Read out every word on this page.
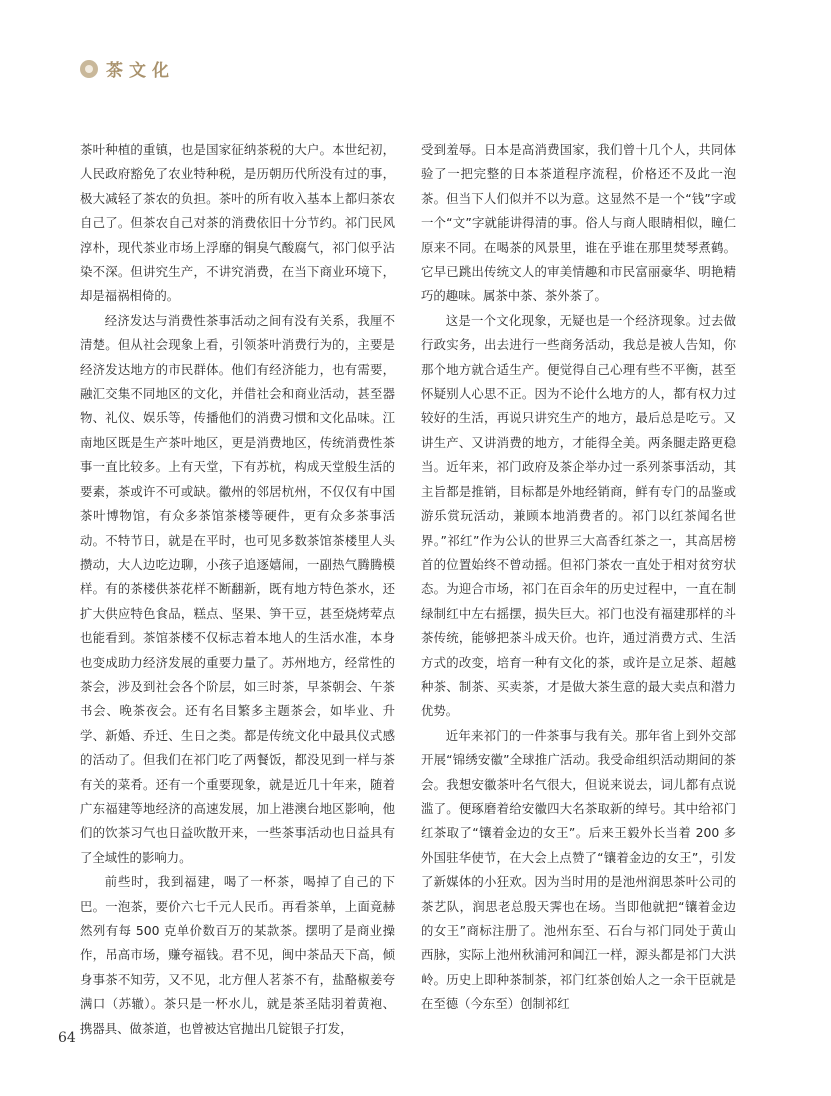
茶文化

茶叶种植的重镇，也是国家征纳茶税的大户。本世纪初，人民政府豁免了农业特种税，是历朝历代所没有过的事，极大减轻了茶农的负担。茶叶的所有收入基本上都归茶农自己了。但茶农自己对茶的消费依旧十分节约。祁门民风淳朴，现代茶业市场上浮靡的铜臭气酸腐气，祁门似乎沾染不深。但讲究生产，不讲究消费，在当下商业环境下，却是福祸相倚的。

经济发达与消费性茶事活动之间有没有关系，我厘不清楚。但从社会现象上看，引领茶叶消费行为的，主要是经济发达地方的市民群体。他们有经济能力，也有需要，融汇交集不同地区的文化，并借社会和商业活动，甚至器物、礼仪、娱乐等，传播他们的消费习惯和文化品味。江南地区既是生产茶叶地区，更是消费地区，传统消费性茶事一直比较多。上有天堂，下有苏杭，构成天堂般生活的要素，茶或许不可或缺。徽州的邻居杭州，不仅仅有中国茶叶博物馆，有众多茶馆茶楼等硬件，更有众多茶事活动。不特节日，就是在平时，也可见多数茶馆茶楼里人头攒动，大人边吃边聊，小孩子追逐嬉闹，一副热气腾腾模样。有的茶楼供茶花样不断翻新，既有地方特色茶水，还扩大供应特色食品，糕点、坚果、笋干豆，甚至烧烤荤点也能看到。茶馆茶楼不仅标志着本地人的生活水准，本身也变成助力经济发展的重要力量了。苏州地方，经常性的茶会，涉及到社会各个阶层，如三时茶，早茶朝会、午茶书会、晚茶夜会。还有名目繁多主题茶会，如毕业、升学、新婚、乔迁、生日之类。都是传统文化中最具仪式感的活动了。但我们在祁门吃了两餐饭，都没见到一样与茶有关的菜肴。还有一个重要现象，就是近几十年来，随着广东福建等地经济的高速发展，加上港澳台地区影响，他们的饮茶习气也日益吹散开来，一些茶事活动也日益具有了全域性的影响力。

前些时，我到福建，喝了一杯茶，喝掉了自己的下巴。一泡茶，要价六七千元人民币。再看茶单，上面竟赫然列有每 500 克单价数百万的某款茶。摆明了是商业操作，吊高市场，赚夸福钱。君不见，闽中茶品天下高，倾身事茶不知劳，又不见，北方俚人茗茶不有，盐酪椒姜夸满口（苏辙）。茶只是一杯水儿，就是茶圣陆羽着黄袍、携器具、做茶道，也曾被达官抛出几锭银子打发，

受到羞辱。日本是高消费国家，我们曾十几个人，共同体验了一把完整的日本茶道程序流程，价格还不及此一泡茶。但当下人们似并不以为意。这显然不是一个“钱”字或一个“文”字就能讲得清的事。俗人与商人眼睛相似，瞳仁原来不同。在喝茶的风景里，谁在乎谁在那里焚琴煮鹤。它早已跳出传统文人的审美情趣和市民富丽豪华、明艳精巧的趣味。属茶中茶、茶外茶了。

这是一个文化现象，无疑也是一个经济现象。过去做行政实务，出去进行一些商务活动，我总是被人告知，你那个地方就合适生产。便觉得自己心理有些不平衡，甚至怀疑别人心思不正。因为不论什么地方的人，都有权力过较好的生活，再说只讲究生产的地方，最后总是吃亏。又讲生产、又讲消费的地方，才能得全美。两条腿走路更稳当。近年来，祁门政府及茶企举办过一系列茶事活动，其主旨都是推销，目标都是外地经销商，鲜有专门的品鉴或游乐赏玩活动，兼顾本地消费者的。祁门以红茶闻名世界。”祁红”作为公认的世界三大高香红茶之一，其高居榜首的位置始终不曾动摇。但祁门茶农一直处于相对贫穷状态。为迎合市场，祁门在百余年的历史过程中，一直在制绿制红中左右摇摆，损失巨大。祁门也没有福建那样的斗茶传统，能够把茶斗成天价。也许，通过消费方式、生活方式的改变，培育一种有文化的茶，或许是立足茶、超越种茶、制茶、买卖茶，才是做大茶生意的最大卖点和潜力优势。

近年来祁门的一件茶事与我有关。那年省上到外交部开展“锦绣安徽”全球推广活动。我受命组织活动期间的茶会。我想安徽茶叶名气很大，但说来说去，词儿都有点说滥了。便琢磨着给安徽四大名茶取新的绰号。其中给祁门红茶取了“镶着金边的女王”。后来王毅外长当着 200 多外国驻华使节，在大会上点赞了“镶着金边的女王”，引发了新媒体的小狂欢。因为当时用的是池州润思茶叶公司的茶艺队，润思老总殷天霁也在场。当即他就把“镶着金边的女王”商标注册了。池州东至、石台与祁门同处于黄山西脉，实际上池州秋浦河和阊江一样，源头都是祁门大洪岭。历史上即种茶制茶，祁门红茶创始人之一余干臣就是在至德（今东至）创制祁红

64
